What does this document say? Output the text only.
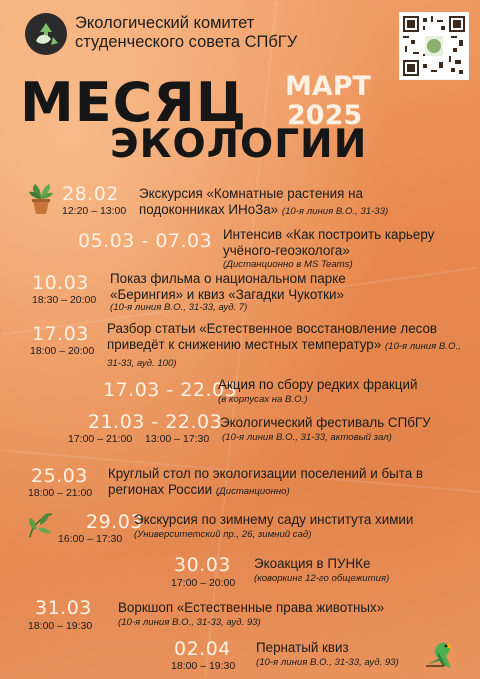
Экологический комитет
студенческого совета СПбГУ
МЕСЯЦ
ЭКОЛОГИИ
МАРТ
2025
28.02
12:20 – 13:00
Экскурсия «Комнатные растения на подоконниках ИНоЗа» (10-я линия В.О., 31-33)
05.03 - 07.03 Интенсив «Как построить карьеру учёного-геоэколога»
(Дистанционно в MS Teams)
10.03
18:30 – 20:00
Показ фильма о национальном парке «Берингия» и квиз «Загадки Чукотки»
(10-я линия В.О., 31-33, ауд. 7)
17.03
18:00 – 20:00
Разбор статьи «Естественное восстановление лесов приведёт к снижению местных температур» (10-я линия В.О., 31-33, ауд. 100)
17.03 - 22.03
Акция по сбору редких фракций
(в корпусах на В.О.)
21.03 - 22.03
17:00 – 21:00 13:00 – 17:30
Экологический фестиваль СПбГУ
(10-я линия В.О., 31-33, актовый зал)
25.03
18:00 – 21:00
Круглый стол по экологизации поселений и быта в регионах России (Дистанционно)
29.03
16:00 – 17:30
Экскурсия по зимнему саду института химии
(Университетский пр., 26, зимний сад)
30.03
17:00 – 20:00
Экоакция в ПУНКе
(коворкинг 12-го общежития)
31.03
18:00 – 19:30
Воркшоп «Естественные права животных»
(10-я линия В.О., 31-33, ауд. 93)
02.04
18:00 – 19:30
Пернатый квиз
(10-я линия В.О., 31-33, ауд. 93)
